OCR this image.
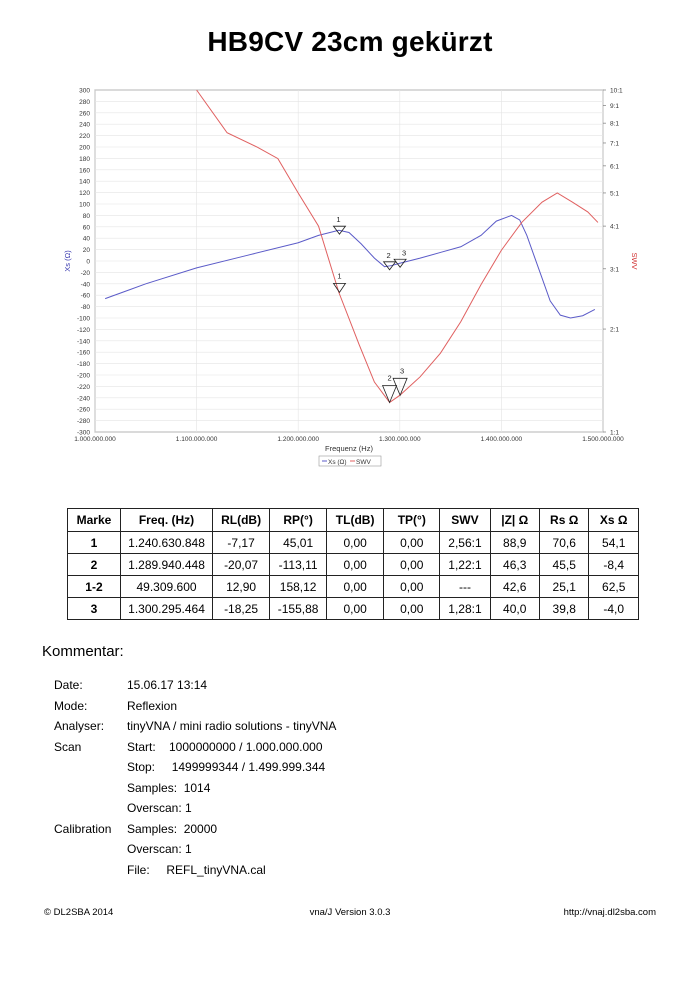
HB9CV 23cm gekürzt
300
280
260
240
220
200
180
160
140
120
100
80
60
40
20
0
-20
-40
-60
-80
-100
-120
-140
-160
-180
-200
-220
-240
-260
-280
-300
1.000.000.000	1.100.000.000	1.200.000.000	1.300.000.000	1.400.000.000	1.500.000.000
10:1
9:1
8:1
7:1
6:1
5:1
4:1
3:1
2:1
1:1
Frequenz (Hz)
Xs (Ω)	SWV
1
1
2
2
3
3
Xs (Ω) SWV
Marke	Freq. (Hz)	RL(dB)	RP(°)	TL(dB)	TP(°)	SWV	|Z| Ω	Rs Ω	Xs Ω
1	1.240.630.848	-7,17	45,01	0,00	0,00	2,56:1	88,9	70,6	54,1
2	1.289.940.448	-20,07	-113,11	0,00	0,00	1,22:1	46,3	45,5	-8,4
1-2	49.309.600	12,90	158,12	0,00	0,00	---	42,6	25,1	62,5
3	1.300.295.464	-18,25	-155,88	0,00	0,00	1,28:1	40,0	39,8	-4,0
Kommentar:
Date:	15.06.17 13:14
Mode:	Reflexion
Analyser: tinyVNA / mini radio solutions - tinyVNA
Scan	Start:    1000000000 / 1.000.000.000
Stop:     1499999344 / 1.499.999.344
Samples:  1014
Overscan: 1
Calibration Samples:  20000
Overscan: 1
File:     REFL_tinyVNA.cal
© DL2SBA 2014	vna/J Version 3.0.3	http://vnaj.dl2sba.com
